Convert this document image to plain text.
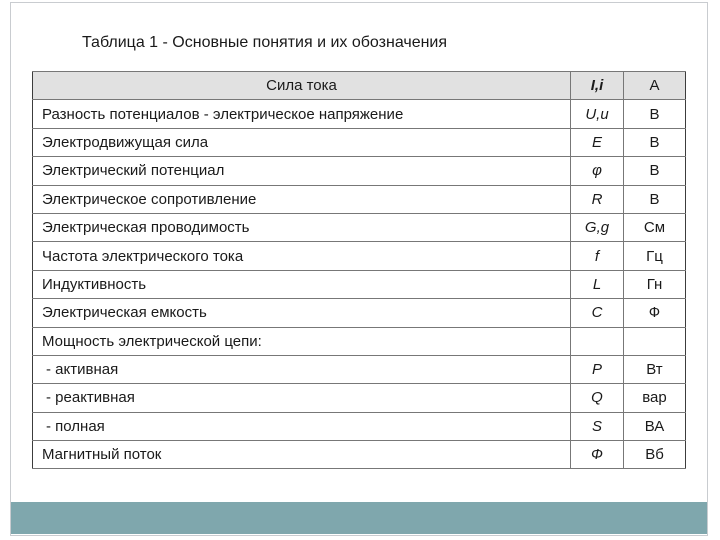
Таблица 1 - Основные понятия и их обозначения
Сила тока	I,i	А
Разность потенциалов - электрическое напряжение	U,u	В
Электродвижущая сила	E	В
Электрический потенциал	φ	В
Электрическое сопротивление	R	В
Электрическая проводимость	G,g	См
Частота электрического тока	f	Гц
Индуктивность	L	Гн
Электрическая емкость	C	Ф
Мощность электрической цепи:		
- активная	P	Вт
- реактивная	Q	вар
- полная	S	ВА
Магнитный поток	Ф	Вб
